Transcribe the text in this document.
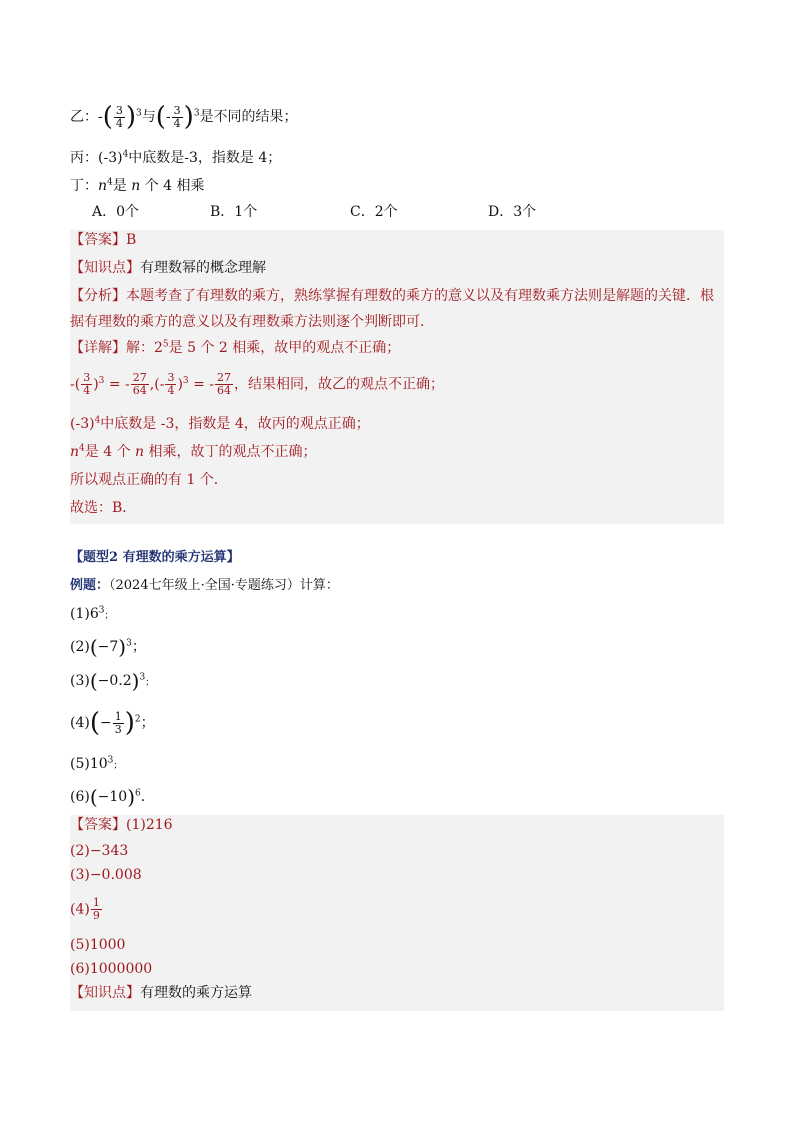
乙：-( $\frac{3}{4} )^3$与(- $\frac{3}{4} )^3$是不同的结果；
丙：$(-3)^4$中底数是-3，指数是 4；
丁：$n^4$是 n 个 4 相乘
A．0个	B．1个	C．2个	D．3个
【答案】B
【知识点】有理数幂的概念理解
【分析】本题考查了有理数的乘方，熟练掌握有理数的乘方的意义以及有理数乘方法则是解题的关键．根
据有理数的乘方的意义以及有理数乘方法则逐个判断即可．
【详解】解：$2^5$是 5 个 2 相乘，故甲的观点不正确；
-( $\frac{3}{4} )^3$ = - $\frac{27}{64}$ ,(- $\frac{3}{4} )^3$ = - $\frac{27}{64}$ ，结果相同，故乙的观点不正确；
$(-3)^4$中底数是 -3，指数是 4，故丙的观点正确；
$n^4$是 4 个 n 相乘，故丁的观点不正确；
所以观点正确的有 1 个．
故选：B．
【题型2 有理数的乘方运算】
例题：（2024七年级上·全国·专题练习）计算：
$(1)6^3$；
$(2)(-7)^3$；
$(3)(-0.2)^3$；
$(4)(- \frac{1}{3} )^2$；
$(5)10^3$；
$(6)(-10)^6$．
【答案】(1)216
(2)−343
(3)−0.008
$(4) \frac{1}{9}$
(5)1000
(6)1000000
【知识点】有理数的乘方运算
